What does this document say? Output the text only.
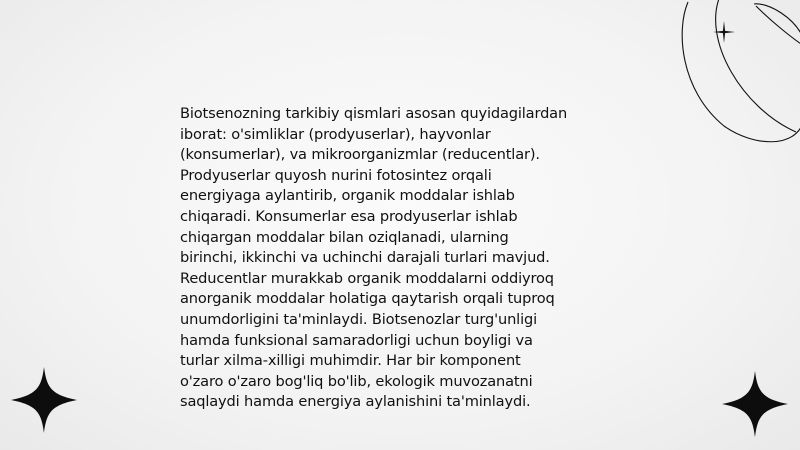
Biotsenozning tarkibiy qismlari asosan quyidagilardan
iborat: o'simliklar (prodyuserlar), hayvonlar
(konsumerlar), va mikroorganizmlar (reducentlar).
Prodyuserlar quyosh nurini fotosintez orqali
energiyaga aylantirib, organik moddalar ishlab
chiqaradi. Konsumerlar esa prodyuserlar ishlab
chiqargan moddalar bilan oziqlanadi, ularning
birinchi, ikkinchi va uchinchi darajali turlari mavjud.
Reducentlar murakkab organik moddalarni oddiyroq
anorganik moddalar holatiga qaytarish orqali tuproq
unumdorligini ta'minlaydi. Biotsenozlar turg'unligi
hamda funksional samaradorligi uchun boyligi va
turlar xilma-xilligi muhimdir. Har bir komponent
o'zaro o'zaro bog'liq bo'lib, ekologik muvozanatni
saqlaydi hamda energiya aylanishini ta'minlaydi.
